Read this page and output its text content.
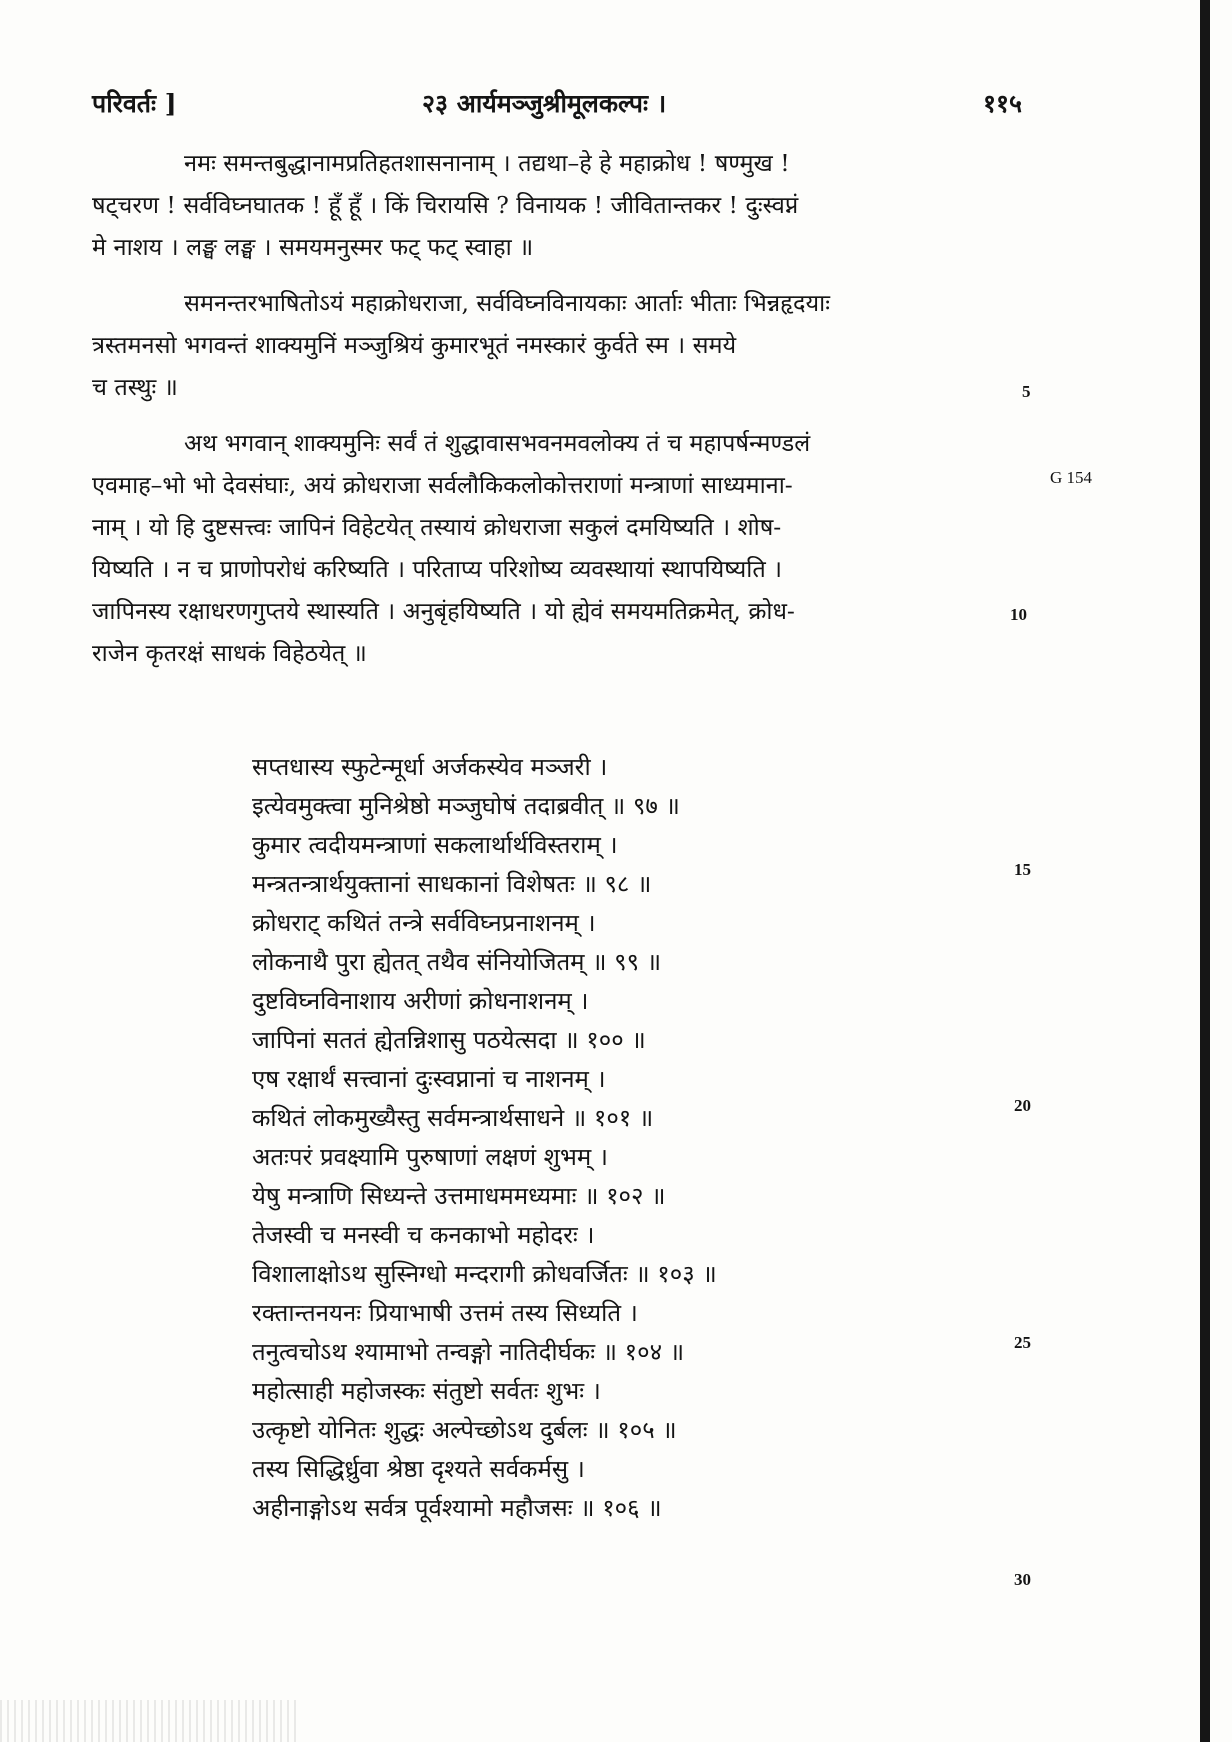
परिवर्तः ]	२३ आर्यमञ्जुश्रीमूलकल्पः ।	११५
नमः समन्तबुद्धानामप्रतिहतशासनानाम् । तद्यथा–हे हे महाक्रोध ! षण्मुख !
षट्चरण ! सर्वविघ्नघातक ! हूँ हूँ । किं चिरायसि ? विनायक ! जीवितान्तकर ! दुःस्वप्नं
मे नाशय । लङ्घ लङ्घ । समयमनुस्मर फट् फट् स्वाहा ॥
समनन्तरभाषितोऽयं महाक्रोधराजा, सर्वविघ्नविनायकाः आर्ताः भीताः भिन्नहृदयाः
त्रस्तमनसो भगवन्तं शाक्यमुनिं मञ्जुश्रियं कुमारभूतं नमस्कारं कुर्वते स्म । समये
च तस्थुः ॥
अथ भगवान् शाक्यमुनिः सर्वं तं शुद्धावासभवनमवलोक्य तं च महापर्षन्मण्डलं
एवमाह–भो भो देवसंघाः, अयं क्रोधराजा सर्वलौकिकलोकोत्तराणां मन्त्राणां साध्यमाना-
नाम् । यो हि दुष्टसत्त्वः जापिनं विहेटयेत् तस्यायं क्रोधराजा सकुलं दमयिष्यति । शोष-
यिष्यति । न च प्राणोपरोधं करिष्यति । परिताप्य परिशोष्य व्यवस्थायां स्थापयिष्यति ।
जापिनस्य रक्षाधरणगुप्तये स्थास्यति । अनुबृंहयिष्यति । यो ह्येवं समयमतिक्रमेत्, क्रोध-
राजेन कृतरक्षं साधकं विहेठयेत् ॥
सप्तधास्य स्फुटेन्मूर्धा अर्जकस्येव मञ्जरी ।
इत्येवमुक्त्वा मुनिश्रेष्ठो मञ्जुघोषं तदाब्रवीत् ॥ ९७ ॥
कुमार त्वदीयमन्त्राणां सकलार्थार्थविस्तराम् ।
मन्त्रतन्त्रार्थयुक्तानां साधकानां विशेषतः ॥ ९८ ॥
क्रोधराट् कथितं तन्त्रे सर्वविघ्नप्रनाशनम् ।
लोकनाथै पुरा ह्येतत् तथैव संनियोजितम् ॥ ९९ ॥
दुष्टविघ्नविनाशाय अरीणां क्रोधनाशनम् ।
जापिनां सततं ह्येतन्निशासु पठयेत्सदा ॥ १०० ॥
एष रक्षार्थं सत्त्वानां दुःस्वप्नानां च नाशनम् ।
कथितं लोकमुख्यैस्तु सर्वमन्त्रार्थसाधने ॥ १०१ ॥
अतःपरं प्रवक्ष्यामि पुरुषाणां लक्षणं शुभम् ।
येषु मन्त्राणि सिध्यन्ते उत्तमाधममध्यमाः ॥ १०२ ॥
तेजस्वी च मनस्वी च कनकाभो महोदरः ।
विशालाक्षोऽथ सुस्निग्धो मन्दरागी क्रोधवर्जितः ॥ १०३ ॥
रक्तान्तनयनः प्रियाभाषी उत्तमं तस्य सिध्यति ।
तनुत्वचोऽथ श्यामाभो तन्वङ्गो नातिदीर्घकः ॥ १०४ ॥
महोत्साही महोजस्कः संतुष्टो सर्वतः शुभः ।
उत्कृष्टो योनितः शुद्धः अल्पेच्छोऽथ दुर्बलः ॥ १०५ ॥
तस्य सिद्धिर्ध्रुवा श्रेष्ठा दृश्यते सर्वकर्मसु ।
अहीनाङ्गोऽथ सर्वत्र पूर्वश्यामो महौजसः ॥ १०६ ॥
5
10
15
20
25
30
G 154
